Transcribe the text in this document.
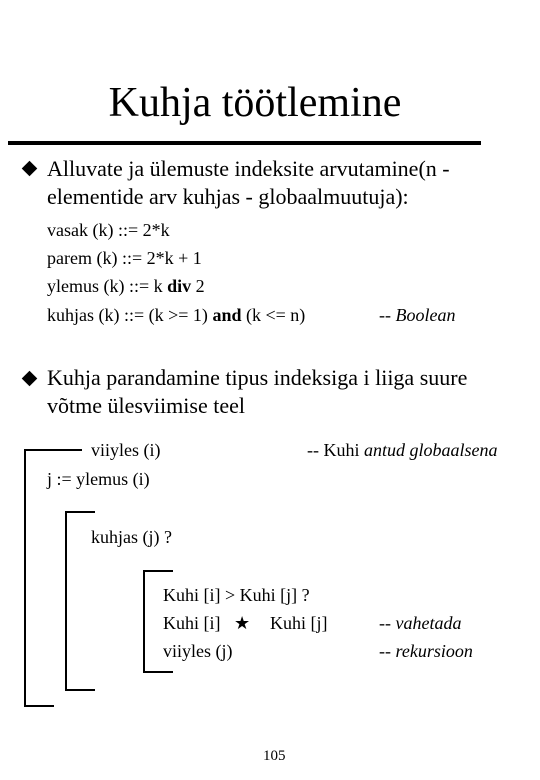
Kuhja töötlemine
Alluvate ja ülemuste indeksite arvutamine(n -
elementide arv kuhjas - globaalmuutuja):
vasak (k) ::= 2*k
parem (k) ::= 2*k + 1
ylemus (k) ::= k div 2
kuhjas (k) ::= (k >= 1) and (k <= n)	-- Boolean
Kuhja parandamine tipus indeksiga i liiga suure
võtme ülesviimise teel
viiyles (i)	-- Kuhi antud globaalsena
j := ylemus (i)
kuhjas (j) ?
Kuhi [i] > Kuhi [j] ?
Kuhi [i] ★ Kuhi [j]	-- vahetada
viiyles (j)	-- rekursioon
105
